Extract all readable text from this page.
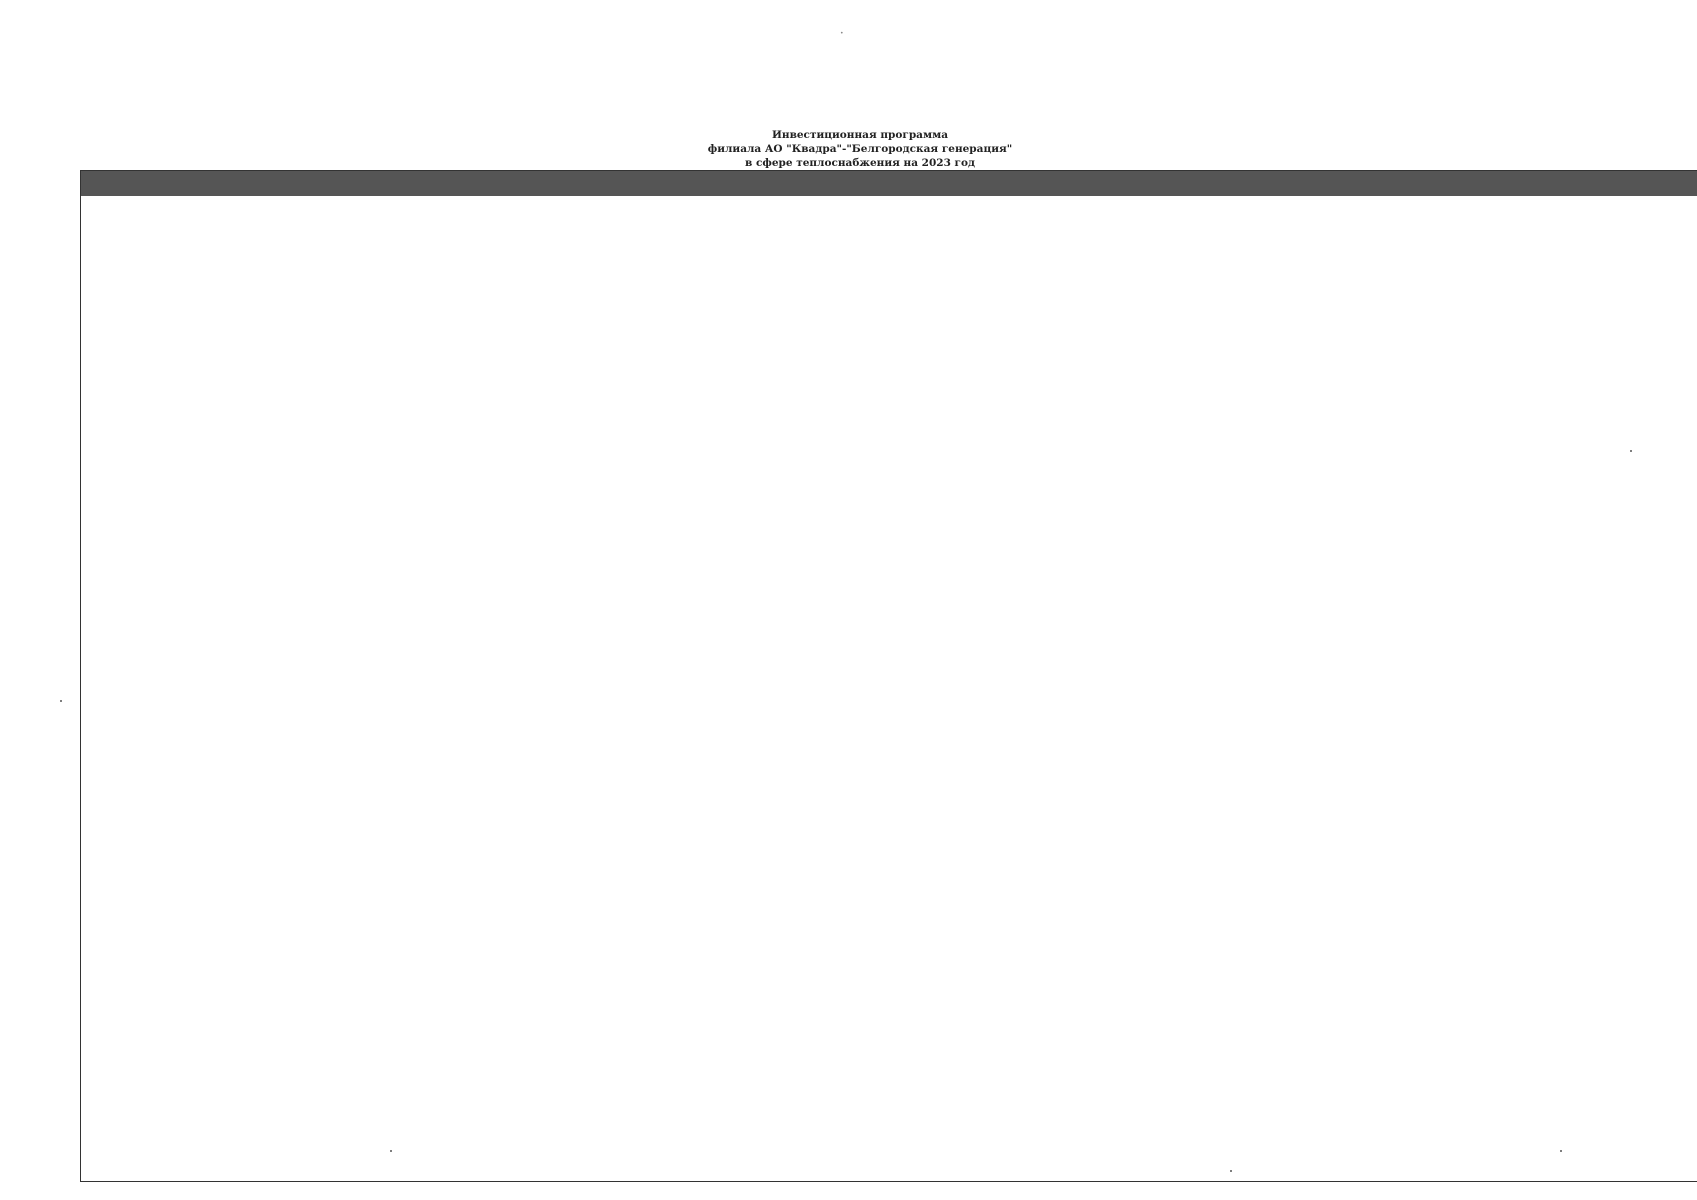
•
Инвестиционная программа
филиала АО "Квадра"-"Белгородская генерация"
в сфере теплоснабжения на 2023 год
